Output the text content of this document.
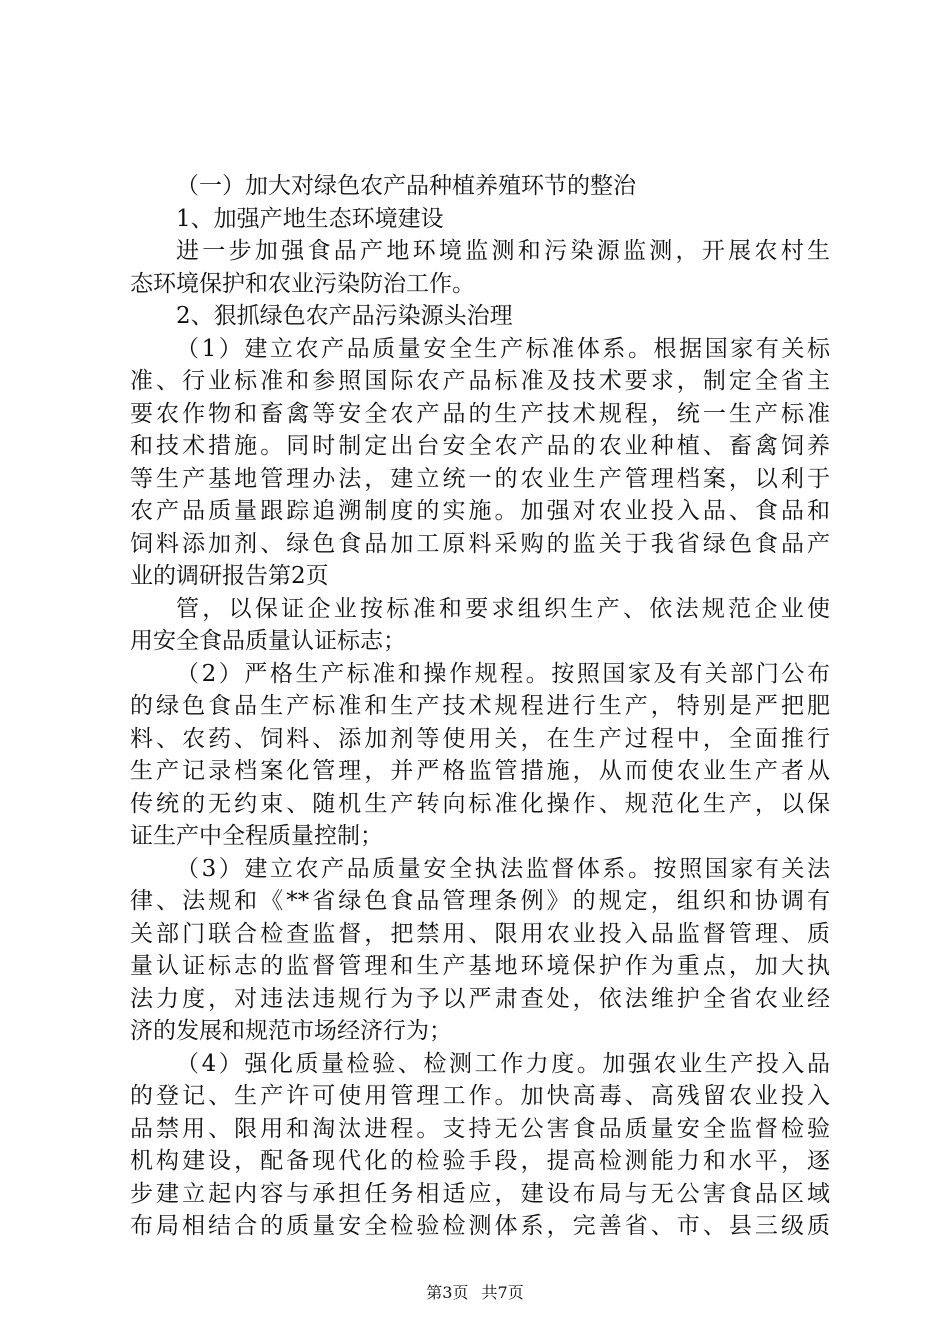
（一）加大对绿色农产品种植养殖环节的整治
1、加强产地生态环境建设
进一步加强食品产地环境监测和污染源监测，开展农村生
态环境保护和农业污染防治工作。
2、狠抓绿色农产品污染源头治理
（1）建立农产品质量安全生产标准体系。根据国家有关标
准、行业标准和参照国际农产品标准及技术要求，制定全省主
要农作物和畜禽等安全农产品的生产技术规程，统一生产标准
和技术措施。同时制定出台安全农产品的农业种植、畜禽饲养
等生产基地管理办法，建立统一的农业生产管理档案，以利于
农产品质量跟踪追溯制度的实施。加强对农业投入品、食品和
饲料添加剂、绿色食品加工原料采购的监关于我省绿色食品产
业的调研报告第2页
管，以保证企业按标准和要求组织生产、依法规范企业使
用安全食品质量认证标志；
（2）严格生产标准和操作规程。按照国家及有关部门公布
的绿色食品生产标准和生产技术规程进行生产，特别是严把肥
料、农药、饲料、添加剂等使用关，在生产过程中，全面推行
生产记录档案化管理，并严格监管措施，从而使农业生产者从
传统的无约束、随机生产转向标准化操作、规范化生产，以保
证生产中全程质量控制；
（3）建立农产品质量安全执法监督体系。按照国家有关法
律、法规和《**省绿色食品管理条例》的规定，组织和协调有
关部门联合检查监督，把禁用、限用农业投入品监督管理、质
量认证标志的监督管理和生产基地环境保护作为重点，加大执
法力度，对违法违规行为予以严肃查处，依法维护全省农业经
济的发展和规范市场经济行为；
（4）强化质量检验、检测工作力度。加强农业生产投入品
的登记、生产许可使用管理工作。加快高毒、高残留农业投入
品禁用、限用和淘汰进程。支持无公害食品质量安全监督检验
机构建设，配备现代化的检验手段，提高检测能力和水平，逐
步建立起内容与承担任务相适应，建设布局与无公害食品区域
布局相结合的质量安全检验检测体系，完善省、市、县三级质
第3页 共7页
